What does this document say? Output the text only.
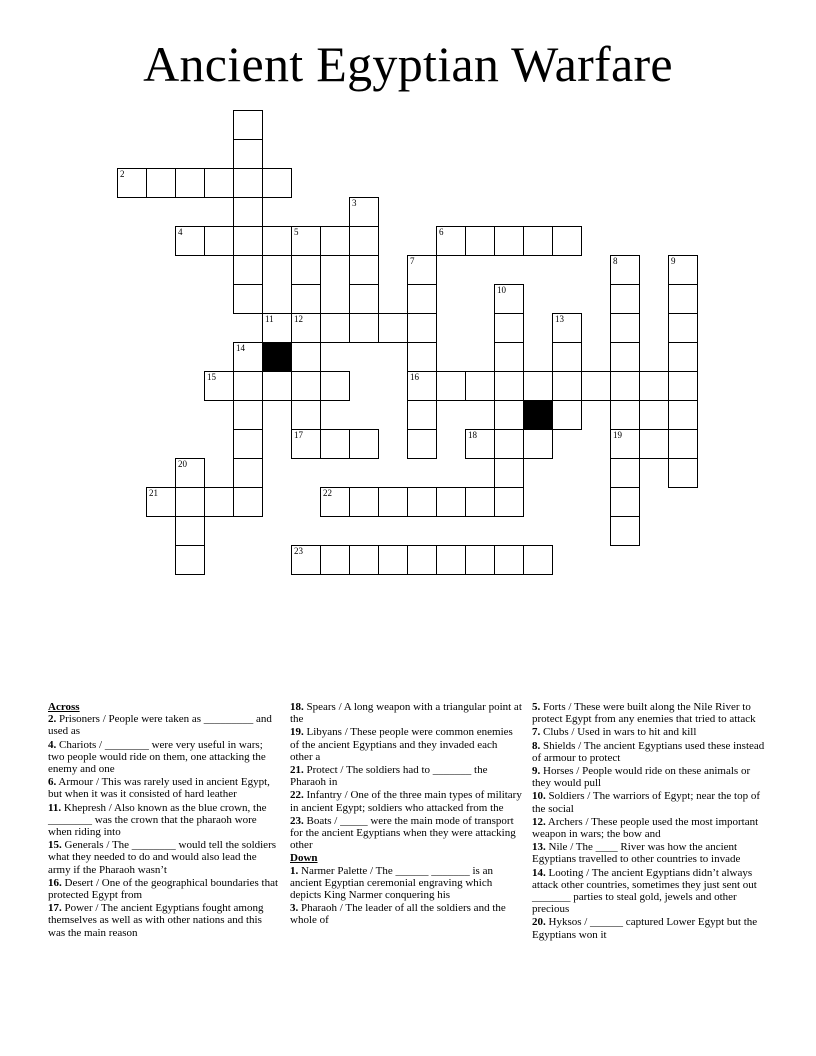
Ancient Egyptian Warfare
2
3
4	5	6
7	8	9
10
11 12	13
14
15	16
17	18	19
20
21	22
23
Across

2. Prisoners / People were taken as _________ and used as

4. Chariots / ________ were very useful in wars; two people would ride on them, one attacking the enemy and one

6. Armour / This was rarely used in ancient Egypt, but when it was it consisted of hard leather

11. Khepresh / Also known as the blue crown, the ________ was the crown that the pharaoh wore when riding into

15. Generals / The ________ would tell the soldiers what they needed to do and would also lead the army if the Pharaoh wasn’t

16. Desert / One of the geographical boundaries that protected Egypt from

17. Power / The ancient Egyptians fought among themselves as well as with other nations and this was the main reason

18. Spears / A long weapon with a triangular point at the

19. Libyans / These people were common enemies of the ancient Egyptians and they invaded each other a

21. Protect / The soldiers had to _______ the Pharaoh in

22. Infantry / One of the three main types of military in ancient Egypt; soldiers who attacked from the

23. Boats / _____ were the main mode of transport for the ancient Egyptians when they were attacking other

Down

1. Narmer Palette / The ______ _______ is an ancient Egyptian ceremonial engraving which depicts King Narmer conquering his

3. Pharaoh / The leader of all the soldiers and the whole of

5. Forts / These were built along the Nile River to protect Egypt from any enemies that tried to attack

7. Clubs / Used in wars to hit and kill

8. Shields / The ancient Egyptians used these instead of armour to protect

9. Horses / People would ride on these animals or they would pull

10. Soldiers / The warriors of Egypt; near the top of the social

12. Archers / These people used the most important weapon in wars; the bow and

13. Nile / The ____ River was how the ancient Egyptians travelled to other countries to invade

14. Looting / The ancient Egyptians didn’t always attack other countries, sometimes they just sent out _______ parties to steal gold, jewels and other precious

20. Hyksos / ______ captured Lower Egypt but the Egyptians won it
